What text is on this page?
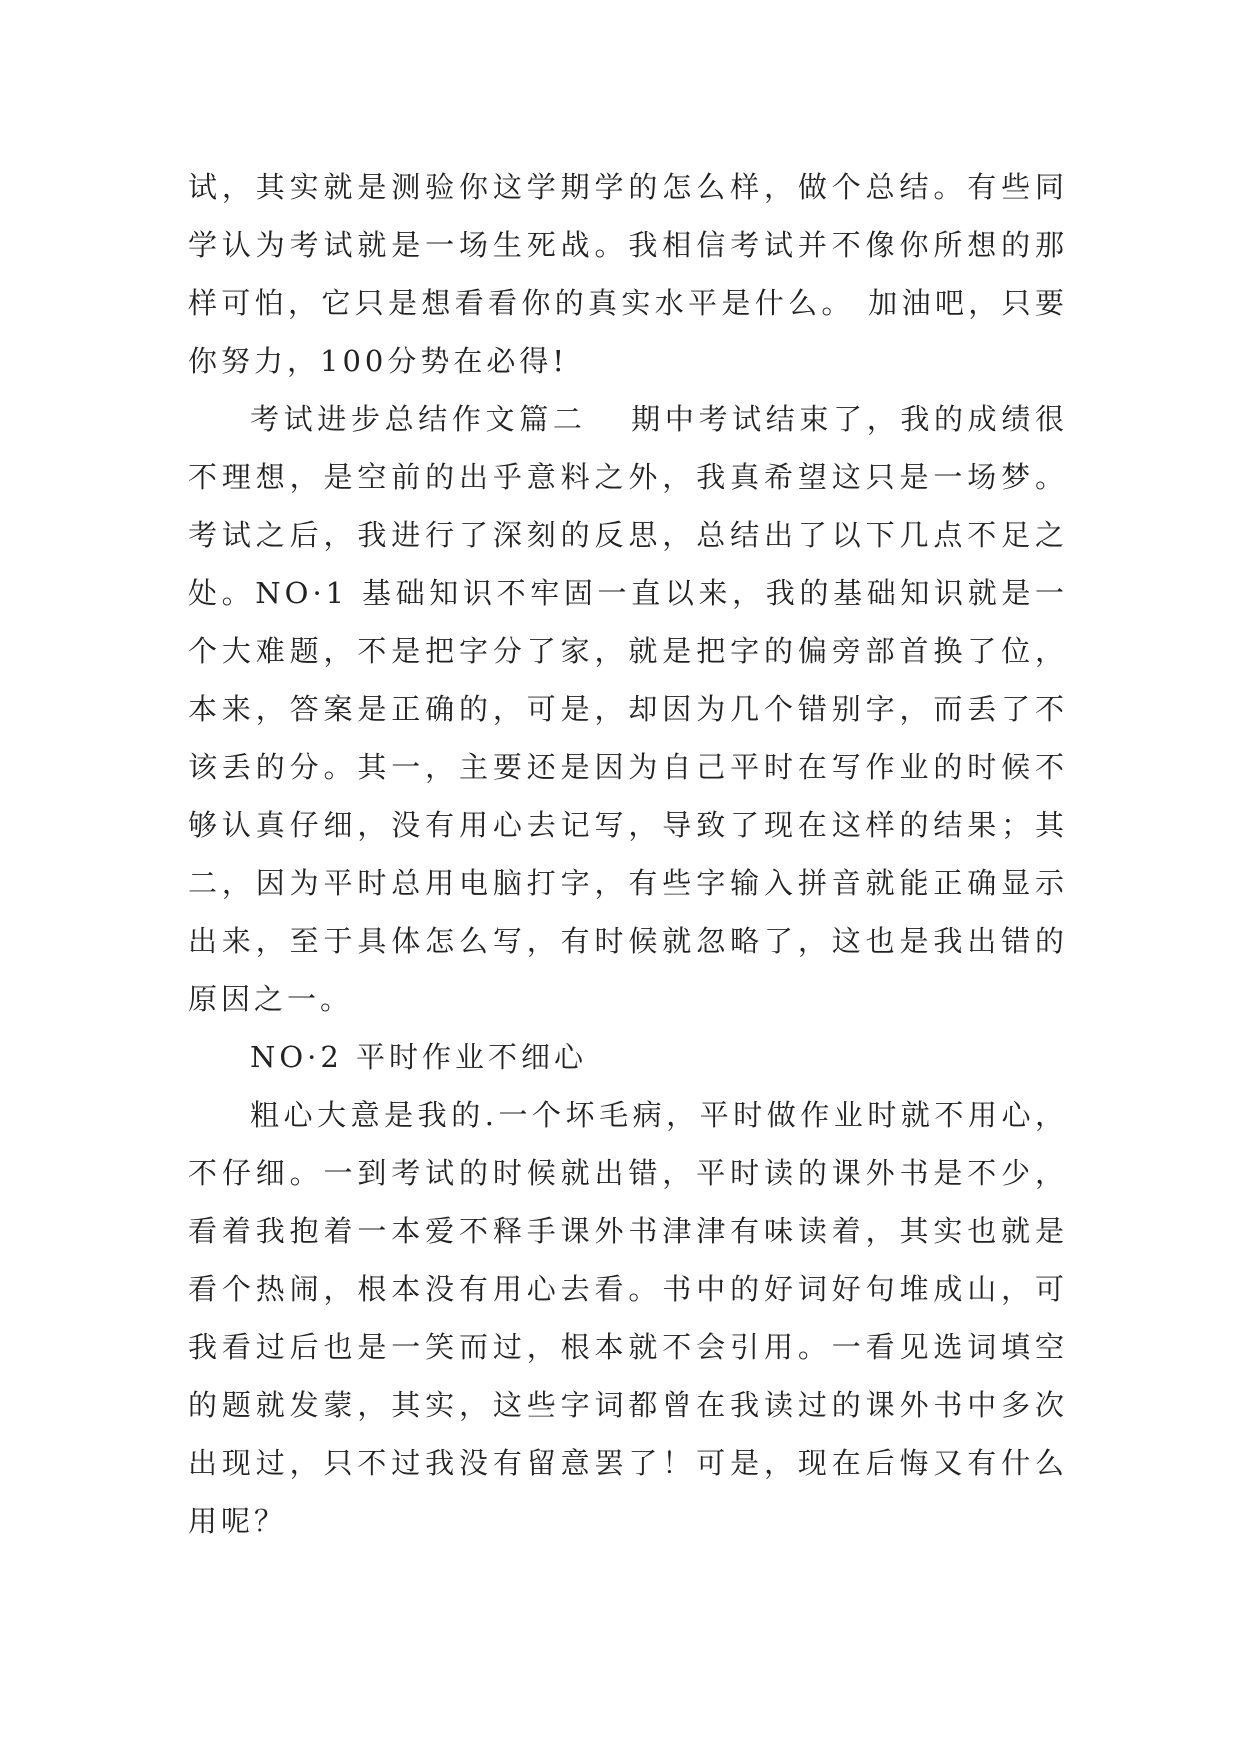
试，其实就是测验你这学期学的怎么样，做个总结。有些同学认为考试就是一场生死战。我相信考试并不像你所想的那样可怕，它只是想看看你的真实水平是什么。 加油吧，只要你努力，100分势在必得!

考试进步总结作文篇二 期中考试结束了，我的成绩很不理想，是空前的出乎意料之外，我真希望这只是一场梦。考试之后，我进行了深刻的反思，总结出了以下几点不足之处。NO·1 基础知识不牢固一直以来，我的基础知识就是一个大难题，不是把字分了家，就是把字的偏旁部首换了位，本来，答案是正确的，可是，却因为几个错别字，而丢了不该丢的分。其一，主要还是因为自己平时在写作业的时候不够认真仔细，没有用心去记写，导致了现在这样的结果；其二，因为平时总用电脑打字，有些字输入拼音就能正确显示出来，至于具体怎么写，有时候就忽略了，这也是我出错的原因之一。

NO·2 平时作业不细心

粗心大意是我的.一个坏毛病，平时做作业时就不用心，不仔细。一到考试的时候就出错，平时读的课外书是不少，看着我抱着一本爱不释手课外书津津有味读着，其实也就是看个热闹，根本没有用心去看。书中的好词好句堆成山，可我看过后也是一笑而过，根本就不会引用。一看见选词填空的题就发蒙，其实，这些字词都曾在我读过的课外书中多次出现过，只不过我没有留意罢了！可是，现在后悔又有什么用呢？
